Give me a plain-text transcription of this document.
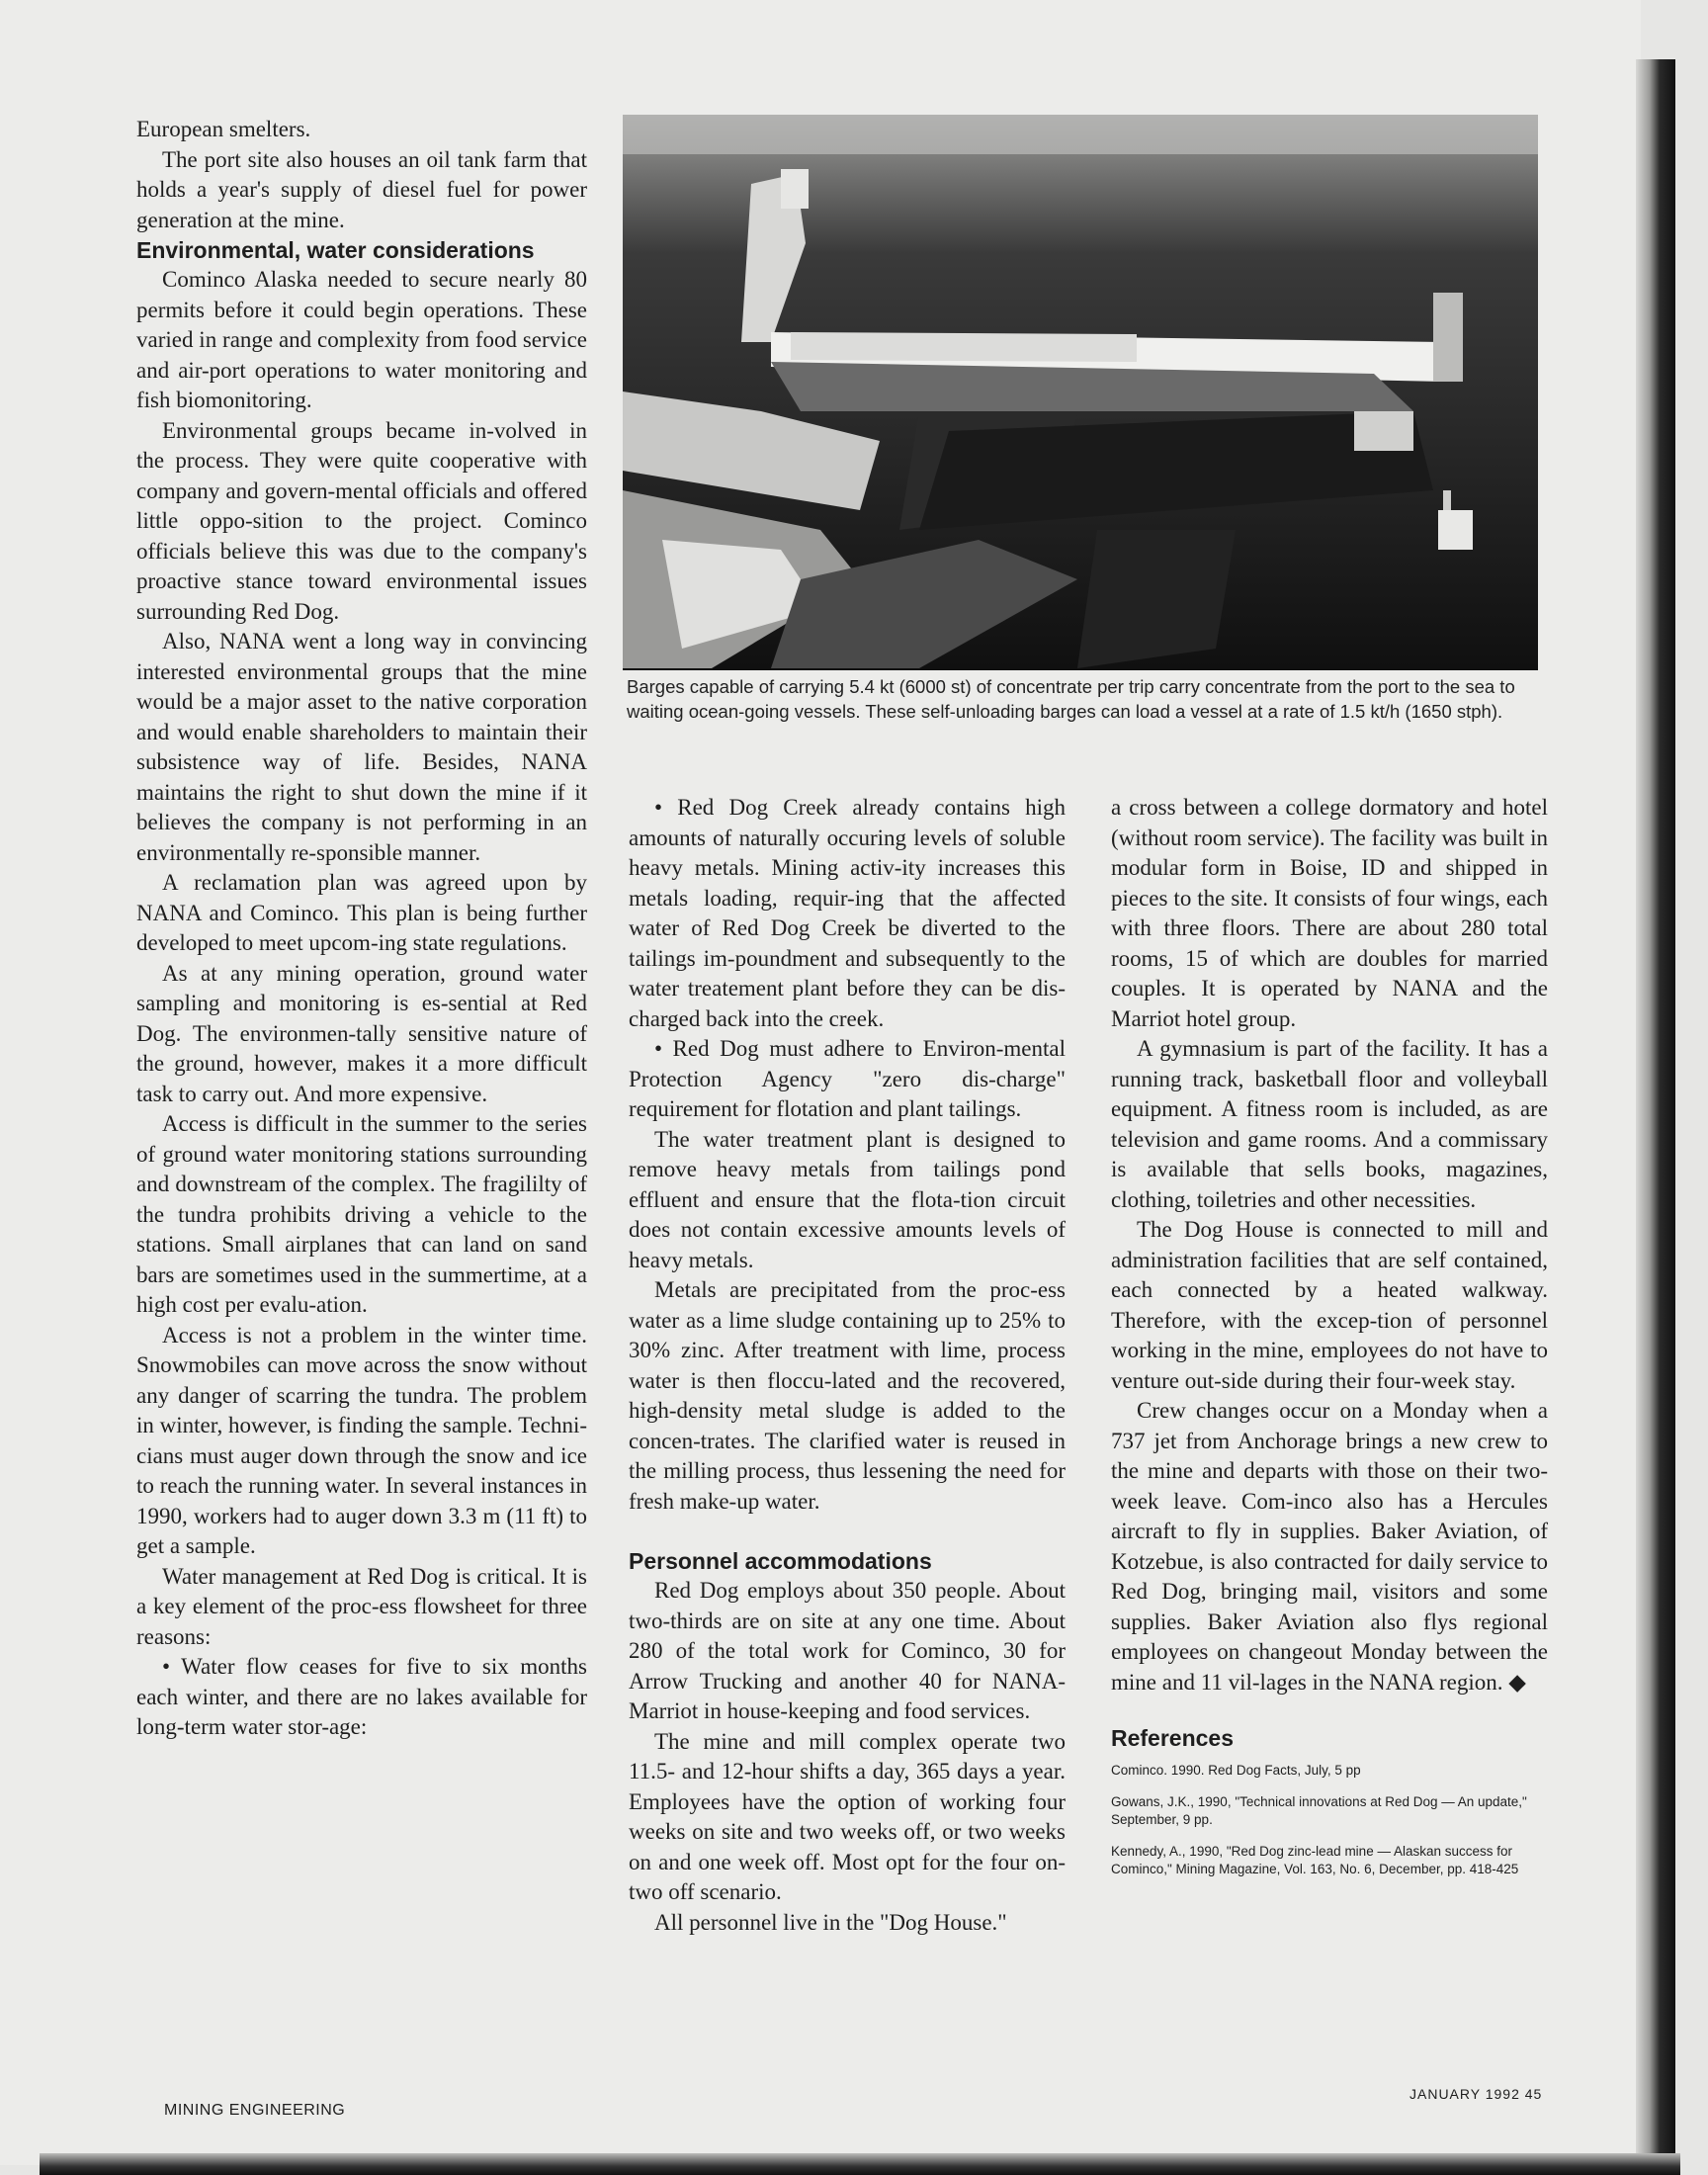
European smelters.

The port site also houses an oil tank farm that holds a year's supply of diesel fuel for power generation at the mine.

Environmental, water considerations

Cominco Alaska needed to secure nearly 80 permits before it could begin operations. These varied in range and complexity from food service and air-port operations to water monitoring and fish biomonitoring.

Environmental groups became in-volved in the process. They were quite cooperative with company and govern-mental officials and offered little oppo-sition to the project. Cominco officials believe this was due to the company's proactive stance toward environmental issues surrounding Red Dog.

Also, NANA went a long way in convincing interested environmental groups that the mine would be a major asset to the native corporation and would enable shareholders to maintain their subsistence way of life. Besides, NANA maintains the right to shut down the mine if it believes the company is not performing in an environmentally re-sponsible manner.

A reclamation plan was agreed upon by NANA and Cominco. This plan is being further developed to meet upcom-ing state regulations.

As at any mining operation, ground water sampling and monitoring is es-sential at Red Dog. The environmen-tally sensitive nature of the ground, however, makes it a more difficult task to carry out. And more expensive.

Access is difficult in the summer to the series of ground water monitoring stations surrounding and downstream of the complex. The fragililty of the tundra prohibits driving a vehicle to the stations. Small airplanes that can land on sand bars are sometimes used in the summertime, at a high cost per evalu-ation.

Access is not a problem in the winter time. Snowmobiles can move across the snow without any danger of scarring the tundra. The problem in winter, however, is finding the sample. Techni-cians must auger down through the snow and ice to reach the running water. In several instances in 1990, workers had to auger down 3.3 m (11 ft) to get a sample.

Water management at Red Dog is critical. It is a key element of the proc-ess flowsheet for three reasons:

• Water flow ceases for five to six months each winter, and there are no lakes available for long-term water stor-age:

Barges capable of carrying 5.4 kt (6000 st) of concentrate per trip carry concentrate from the port to the sea to waiting ocean-going vessels. These self-unloading barges can load a vessel at a rate of 1.5 kt/h (1650 stph).

• Red Dog Creek already contains high amounts of naturally occuring levels of soluble heavy metals. Mining activ-ity increases this metals loading, requir-ing that the affected water of Red Dog Creek be diverted to the tailings im-poundment and subsequently to the water treatement plant before they can be dis-charged back into the creek.

• Red Dog must adhere to Environ-mental Protection Agency "zero dis-charge" requirement for flotation and plant tailings.

The water treatment plant is designed to remove heavy metals from tailings pond effluent and ensure that the flota-tion circuit does not contain excessive amounts levels of heavy metals.

Metals are precipitated from the proc-ess water as a lime sludge containing up to 25% to 30% zinc. After treatment with lime, process water is then floccu-lated and the recovered, high-density metal sludge is added to the concen-trates. The clarified water is reused in the milling process, thus lessening the need for fresh make-up water.

Personnel accommodations

Red Dog employs about 350 people. About two-thirds are on site at any one time. About 280 of the total work for Cominco, 30 for Arrow Trucking and another 40 for NANA-Marriot in house-keeping and food services.

The mine and mill complex operate two 11.5- and 12-hour shifts a day, 365 days a year. Employees have the option of working four weeks on site and two weeks off, or two weeks on and one week off. Most opt for the four on-two off scenario.

All personnel live in the "Dog House."

a cross between a college dormatory and hotel (without room service). The facility was built in modular form in Boise, ID and shipped in pieces to the site. It consists of four wings, each with three floors. There are about 280 total rooms, 15 of which are doubles for married couples. It is operated by NANA and the Marriot hotel group.

A gymnasium is part of the facility. It has a running track, basketball floor and volleyball equipment. A fitness room is included, as are television and game rooms. And a commissary is available that sells books, magazines, clothing, toiletries and other necessities.

The Dog House is connected to mill and administration facilities that are self contained, each connected by a heated walkway. Therefore, with the excep-tion of personnel working in the mine, employees do not have to venture out-side during their four-week stay.

Crew changes occur on a Monday when a 737 jet from Anchorage brings a new crew to the mine and departs with those on their two-week leave. Com-inco also has a Hercules aircraft to fly in supplies. Baker Aviation, of Kotzebue, is also contracted for daily service to Red Dog, bringing mail, visitors and some supplies. Baker Aviation also flys regional employees on changeout Monday between the mine and 11 vil-lages in the NANA region. ◆

References
Cominco. 1990. Red Dog Facts, July, 5 pp
Gowans, J.K., 1990, "Technical innovations at Red Dog — An update," September, 9 pp.
Kennedy, A., 1990, "Red Dog zinc-lead mine — Alaskan success for Cominco," Mining Magazine, Vol. 163, No. 6, December, pp. 418-425
MINING ENGINEERING
JANUARY 1992 45
